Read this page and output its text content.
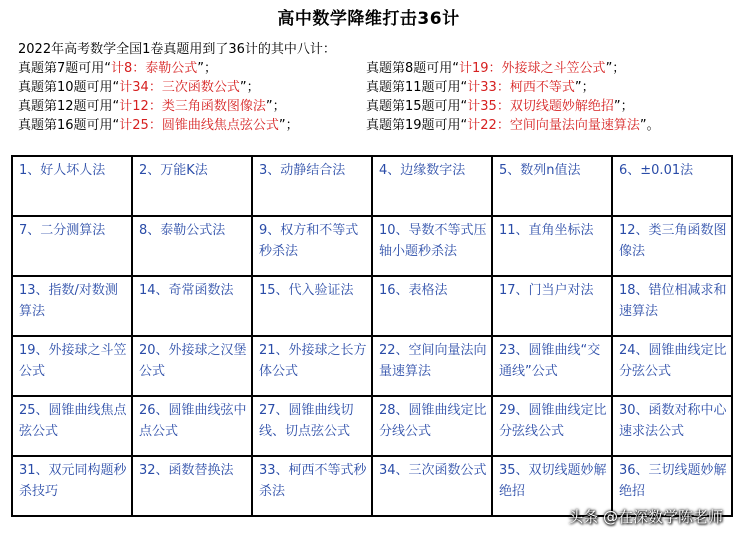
高中数学降维打击36计
2022年高考数学全国1卷真题用到了36计的其中八计：
真题第7题可用“计8：泰勒公式”；	真题第8题可用“计19：外接球之斗笠公式”；
真题第10题可用“计34：三次函数公式”；	真题第11题可用“计33：柯西不等式”；
真题第12题可用“计12：类三角函数图像法”；	真题第15题可用“计35：双切线题妙解绝招”；
真题第16题可用“计25：圆锥曲线焦点弦公式”；	真题第19题可用“计22：空间向量法向量速算法”。
1、好人坏人法	2、万能K法	3、动静结合法	4、边缘数字法	5、数列n值法	6、±0.01法
7、二分测算法	8、泰勒公式法	9、权方和不等式秒杀法	10、导数不等式压轴小题秒杀法	11、直角坐标法	12、类三角函数图像法
13、指数/对数测算法	14、奇常函数法	15、代入验证法	16、表格法	17、门当户对法	18、错位相减求和速算法
19、外接球之斗笠公式	20、外接球之汉堡公式	21、外接球之长方体公式	22、空间向量法向量速算法	23、圆锥曲线“交通线”公式	24、圆锥曲线定比分弦公式
25、圆锥曲线焦点弦公式	26、圆锥曲线弦中点公式	27、圆锥曲线切线、切点弦公式	28、圆锥曲线定比分线公式	29、圆锥曲线定比分弦线公式	30、函数对称中心速求法公式
31、双元同构题秒杀技巧	32、函数替换法	33、柯西不等式秒杀法	34、三次函数公式	35、双切线题妙解绝招	36、三切线题妙解绝招
头条 @在深数学陈老师
